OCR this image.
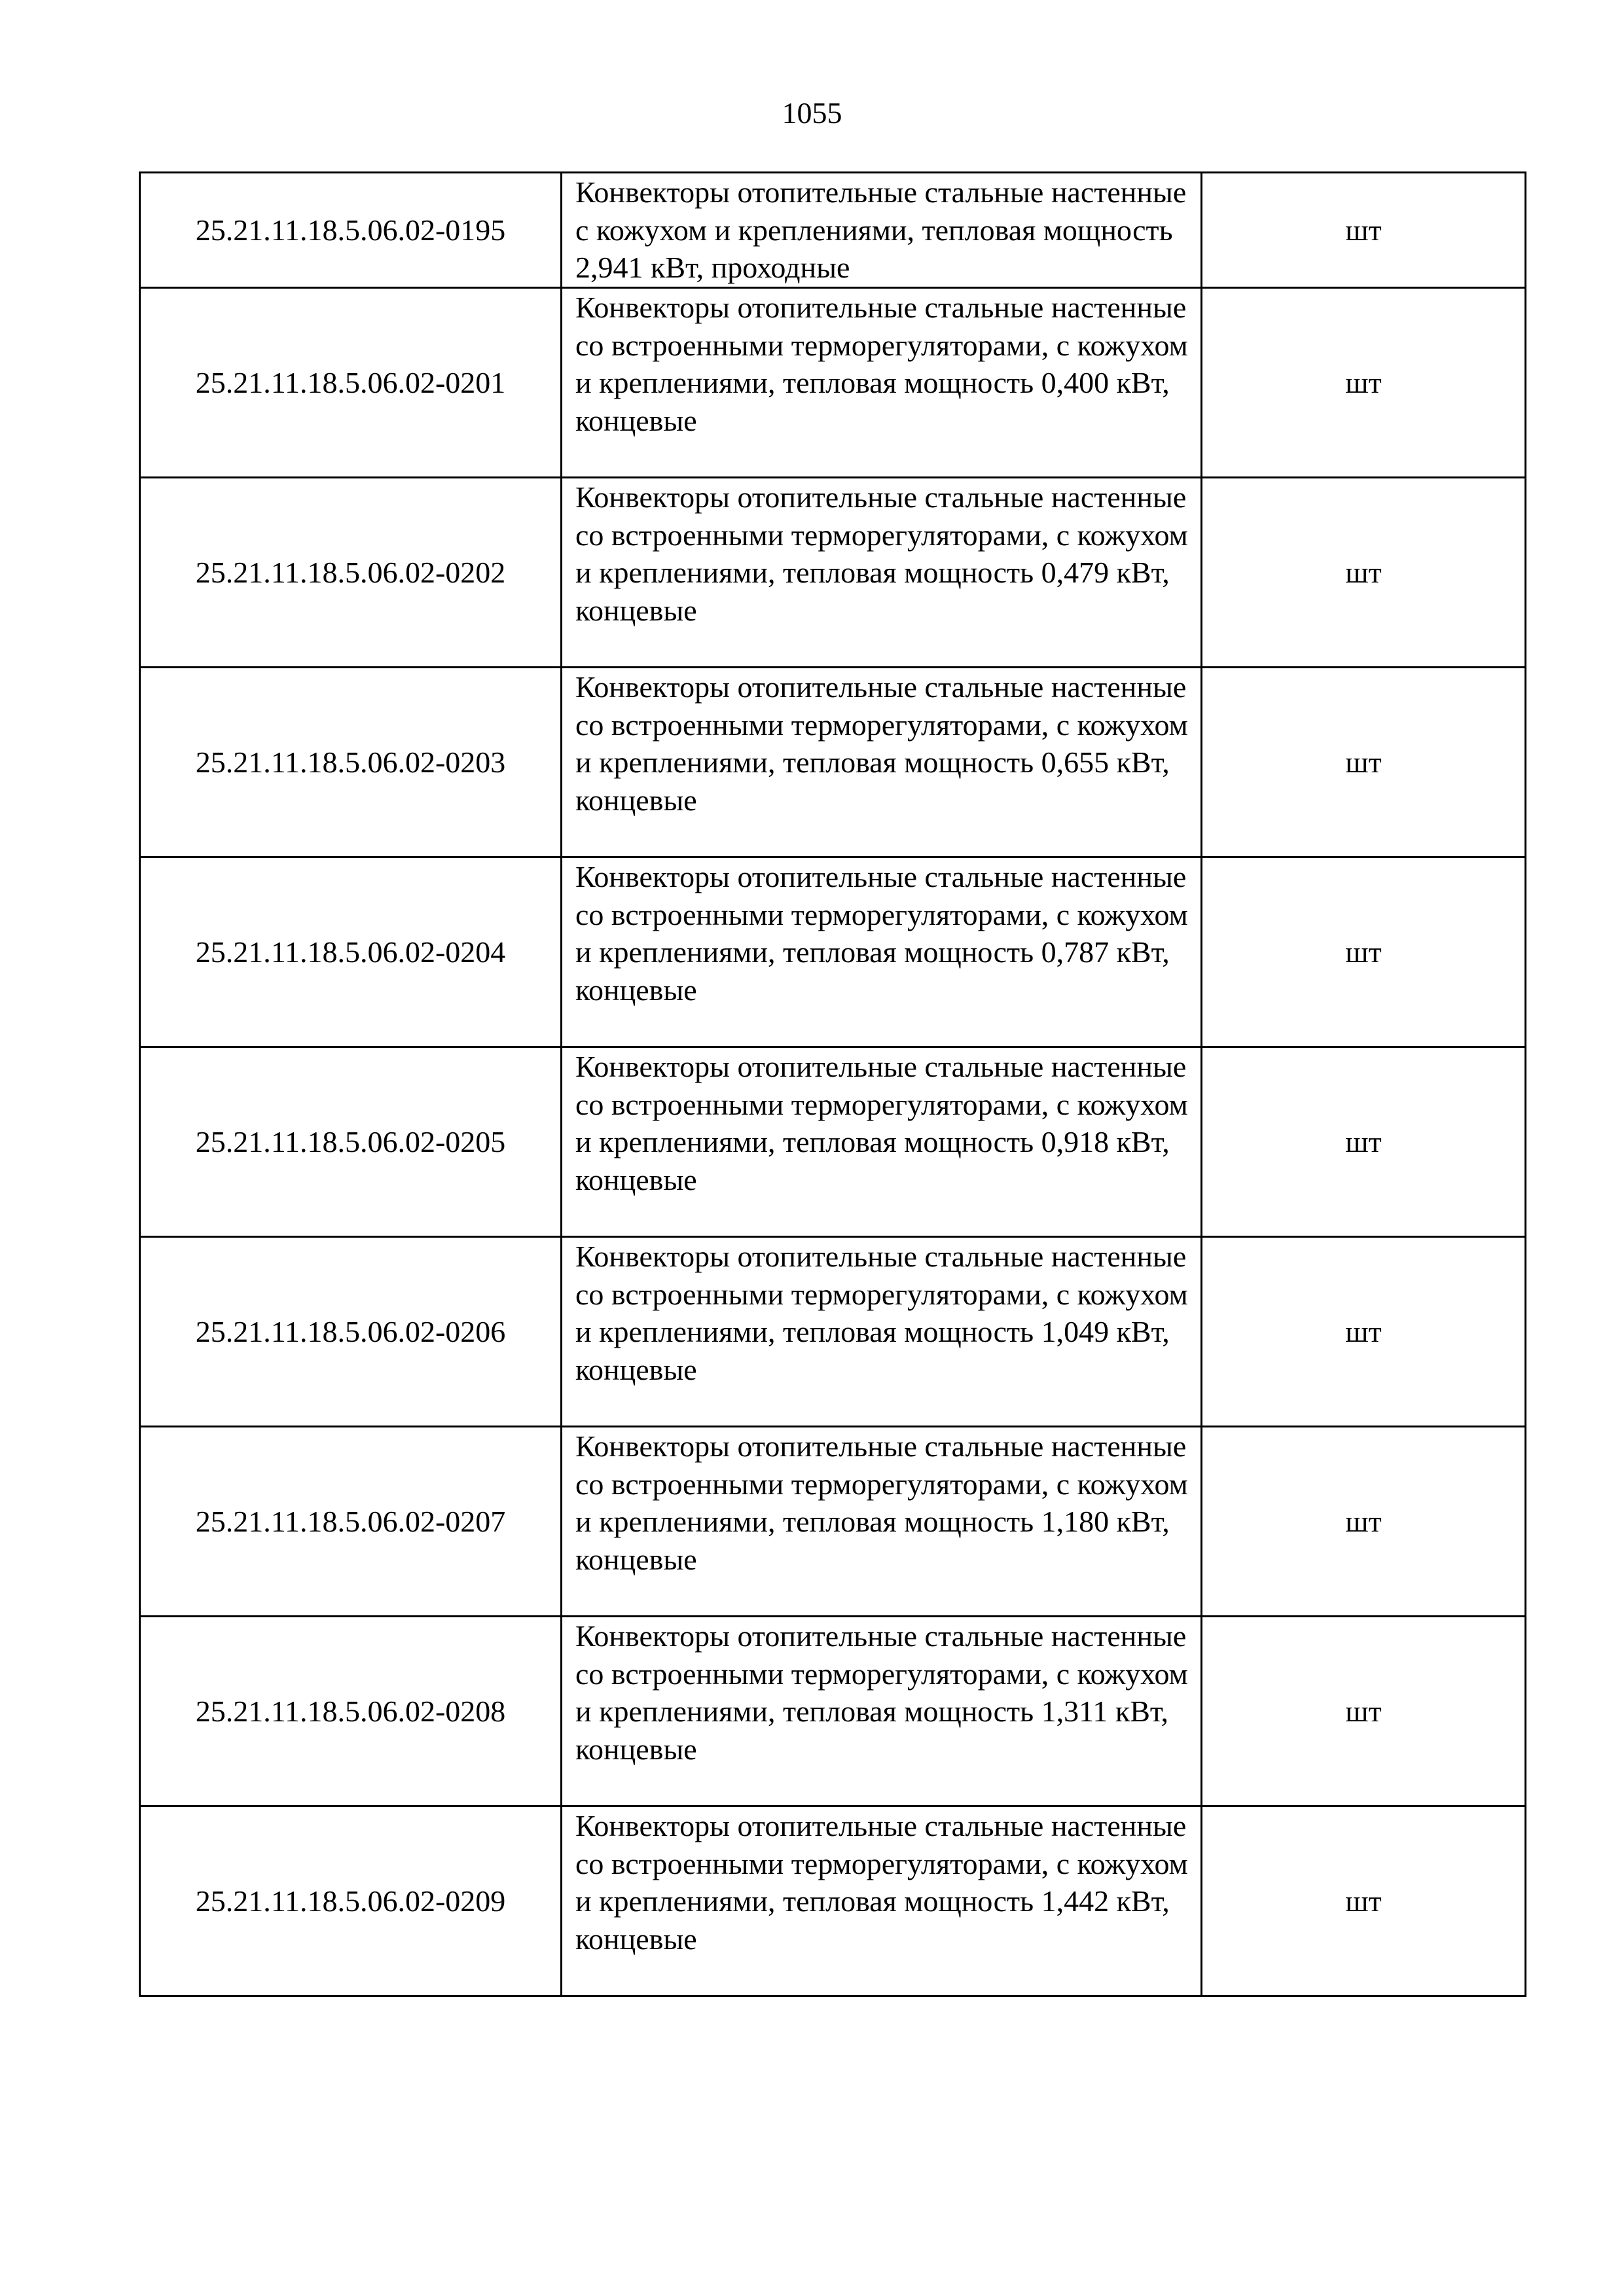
1055
25.21.11.18.5.06.02-0195	Конвекторы отопительные стальные настенные с кожухом и креплениями, тепловая мощность 2,941 кВт, проходные	шт
25.21.11.18.5.06.02-0201	Конвекторы отопительные стальные настенные со встроенными терморегуляторами, с кожухом и креплениями, тепловая мощность 0,400 кВт, концевые	шт
25.21.11.18.5.06.02-0202	Конвекторы отопительные стальные настенные со встроенными терморегуляторами, с кожухом и креплениями, тепловая мощность 0,479 кВт, концевые	шт
25.21.11.18.5.06.02-0203	Конвекторы отопительные стальные настенные со встроенными терморегуляторами, с кожухом и креплениями, тепловая мощность 0,655 кВт, концевые	шт
25.21.11.18.5.06.02-0204	Конвекторы отопительные стальные настенные со встроенными терморегуляторами, с кожухом и креплениями, тепловая мощность 0,787 кВт, концевые	шт
25.21.11.18.5.06.02-0205	Конвекторы отопительные стальные настенные со встроенными терморегуляторами, с кожухом и креплениями, тепловая мощность 0,918 кВт, концевые	шт
25.21.11.18.5.06.02-0206	Конвекторы отопительные стальные настенные со встроенными терморегуляторами, с кожухом и креплениями, тепловая мощность 1,049 кВт, концевые	шт
25.21.11.18.5.06.02-0207	Конвекторы отопительные стальные настенные со встроенными терморегуляторами, с кожухом и креплениями, тепловая мощность 1,180 кВт, концевые	шт
25.21.11.18.5.06.02-0208	Конвекторы отопительные стальные настенные со встроенными терморегуляторами, с кожухом и креплениями, тепловая мощность 1,311 кВт, концевые	шт
25.21.11.18.5.06.02-0209	Конвекторы отопительные стальные настенные со встроенными терморегуляторами, с кожухом и креплениями, тепловая мощность 1,442 кВт, концевые	шт
